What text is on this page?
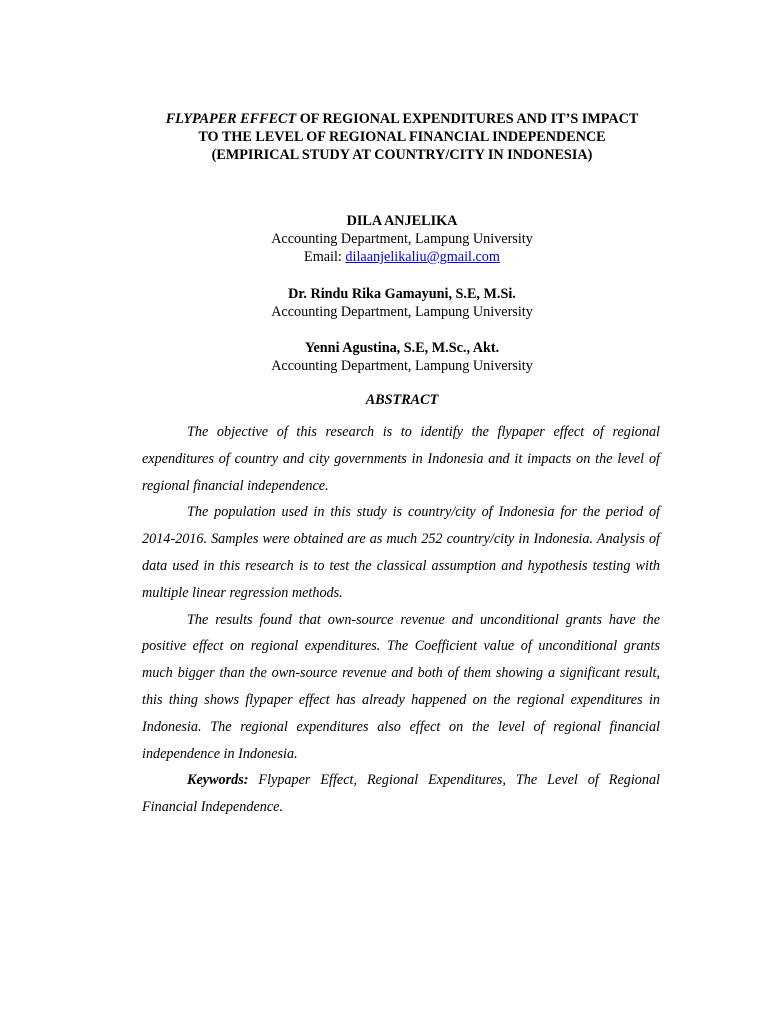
FLYPAPER EFFECT OF REGIONAL EXPENDITURES AND IT’S IMPACT
TO THE LEVEL OF REGIONAL FINANCIAL INDEPENDENCE
(EMPIRICAL STUDY AT COUNTRY/CITY IN INDONESIA)
DILA ANJELIKA
Accounting Department, Lampung University
Email: dilaanjelikaliu@gmail.com
Dr. Rindu Rika Gamayuni, S.E, M.Si.
Accounting Department, Lampung University
Yenni Agustina, S.E, M.Sc., Akt.
Accounting Department, Lampung University
ABSTRACT

The objective of this research is to identify the flypaper effect of regional expenditures of country and city governments in Indonesia and it impacts on the level of regional financial independence.

The population used in this study is country/city of Indonesia for the period of 2014-2016. Samples were obtained are as much 252 country/city in Indonesia. Analysis of data used in this research is to test the classical assumption and hypothesis testing with multiple linear regression methods.

The results found that own-source revenue and unconditional grants have the positive effect on regional expenditures. The Coefficient value of unconditional grants much bigger than the own-source revenue and both of them showing a significant result, this thing shows flypaper effect has already happened on the regional expenditures in Indonesia. The regional expenditures also effect on the level of regional financial independence in Indonesia.

Keywords: Flypaper Effect, Regional Expenditures, The Level of Regional Financial Independence.
